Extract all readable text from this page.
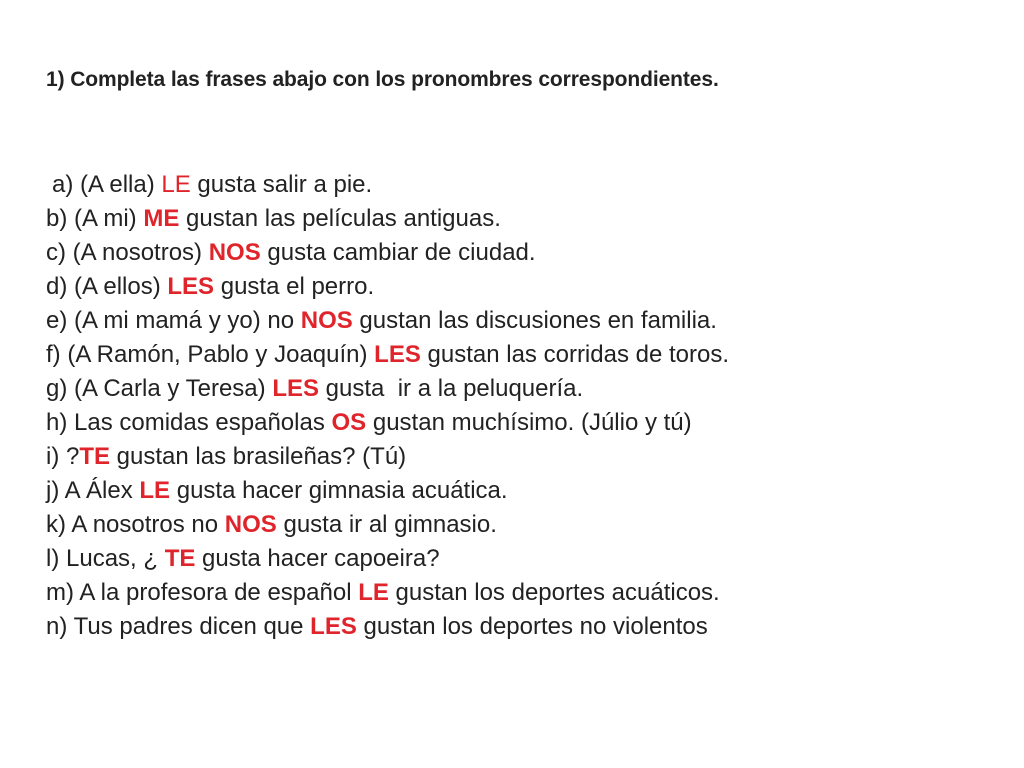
1) Completa las frases abajo con los pronombres correspondientes.
a) (A ella) LE gusta salir a pie.
b) (A mi) ME gustan las películas antiguas.
c) (A nosotros) NOS gusta cambiar de ciudad.
d) (A ellos) LES gusta el perro.
e) (A mi mamá y yo) no NOS gustan las discusiones en familia.
f) (A Ramón, Pablo y Joaquín) LES gustan las corridas de toros.
g) (A Carla y Teresa) LES gusta  ir a la peluquería.
h) Las comidas españolas OS gustan muchísimo. (Júlio y tú)
i) ?TE gustan las brasileñas? (Tú)
j) A Álex LE gusta hacer gimnasia acuática.
k) A nosotros no NOS gusta ir al gimnasio.
l) Lucas, ¿ TE gusta hacer capoeira?
m) A la profesora de español LE gustan los deportes acuáticos.
n) Tus padres dicen que LES gustan los deportes no violentos
